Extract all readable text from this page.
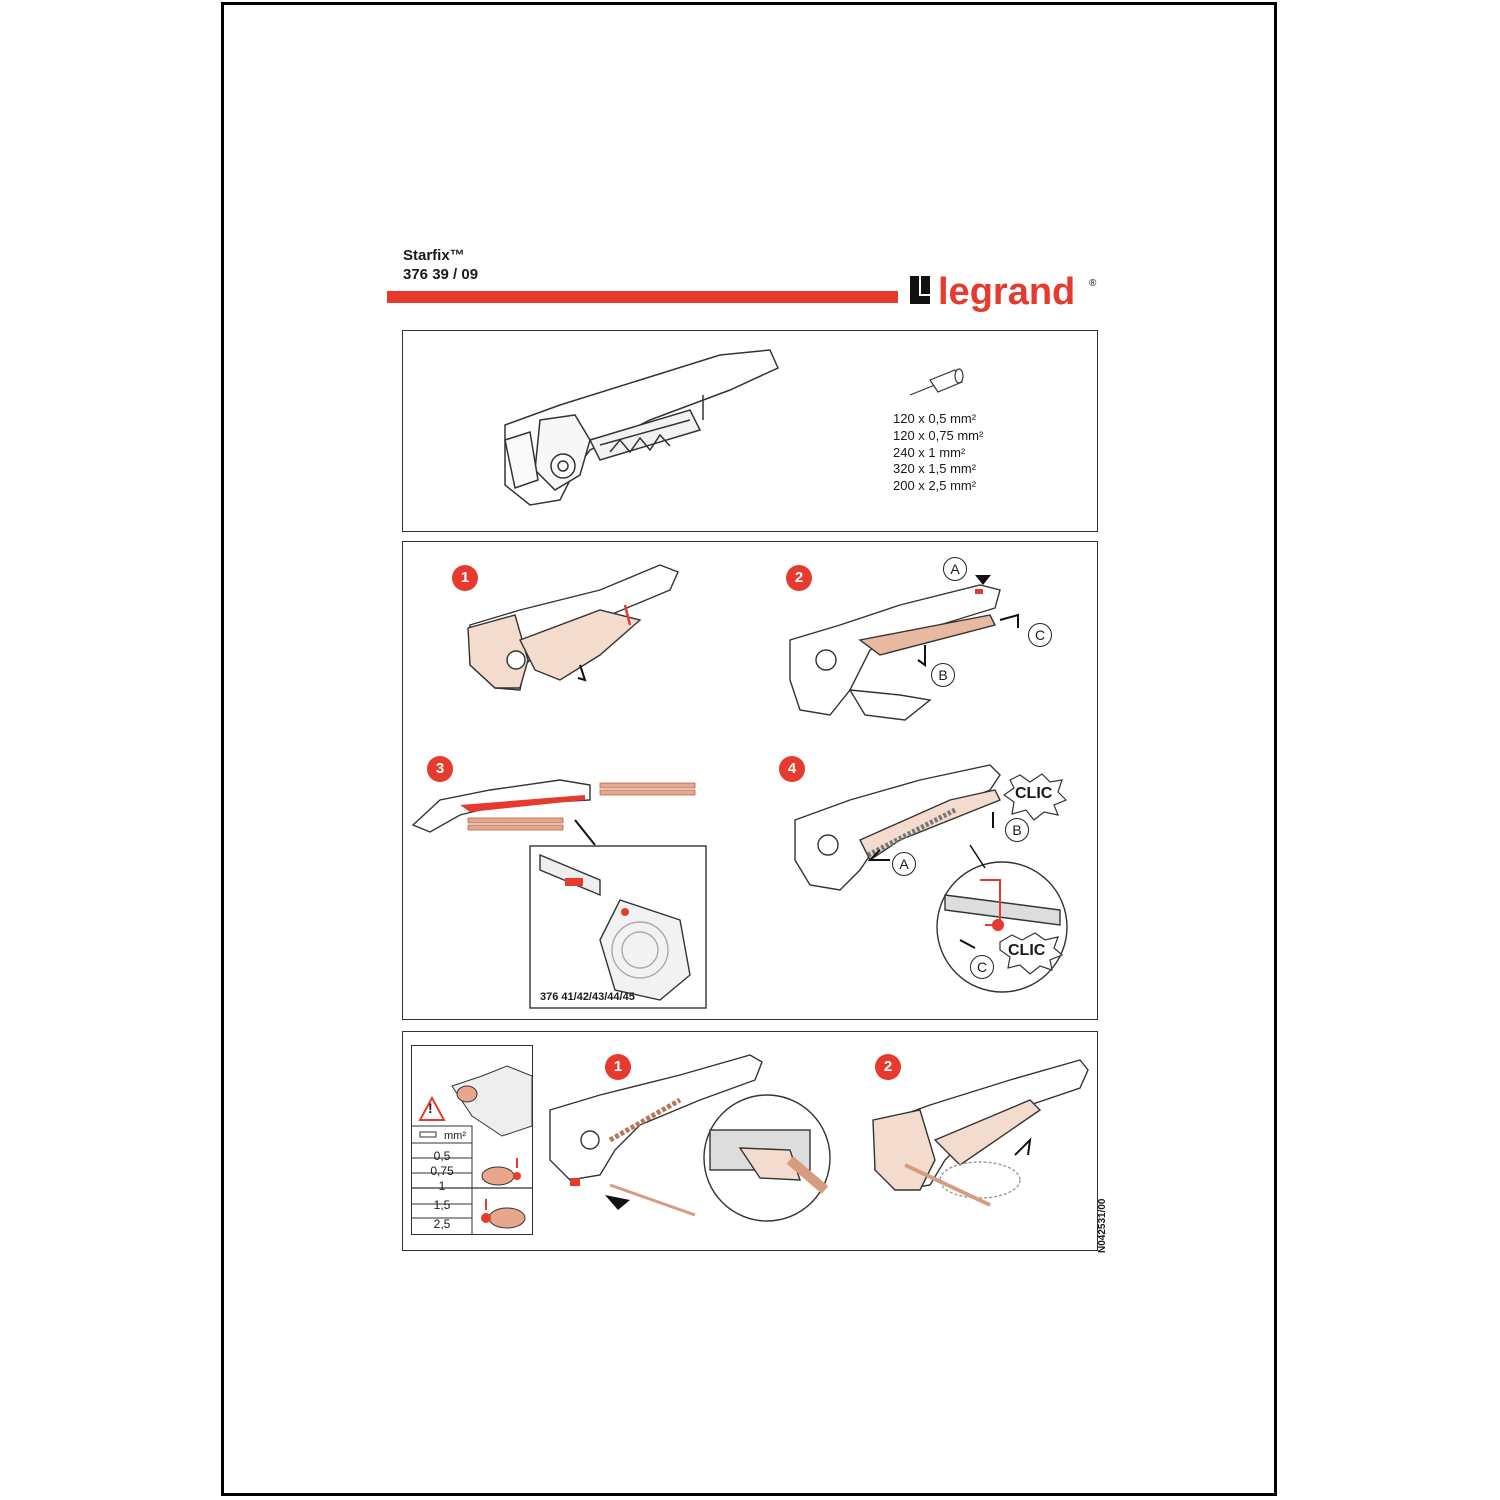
Starfix™
376 39 / 09	legrand ®
120 x 0,5 mm²
120 x 0,75 mm²
240 x 1 mm²
320 x 1,5 mm²
200 x 2,5 mm²
1	2
3	4
A
B
C
A
B
C
CLIC
CLIC
376 41/42/43/44/45
0,5
0,75
1
1,5
2,5
mm²
!
1	2
N042531/00
